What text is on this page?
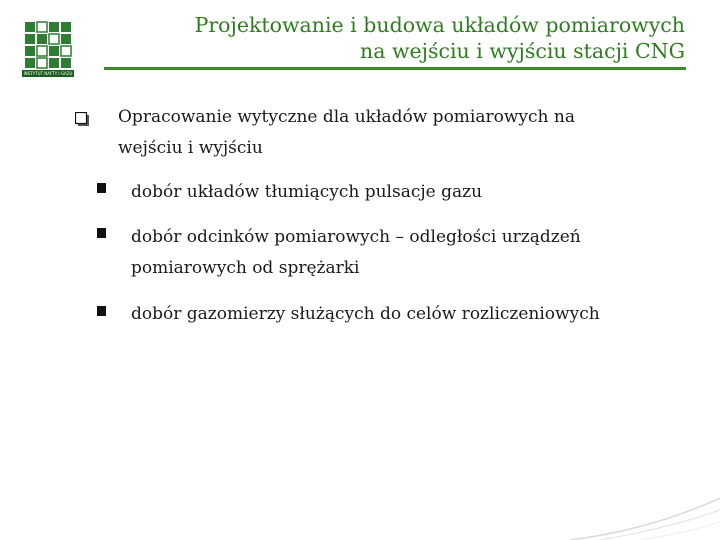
INSTYTUT NAFTY I GAZU
Projektowanie i budowa układów pomiarowych
na wejściu i wyjściu stacji CNG
Opracowanie wytyczne dla układów pomiarowych na
wejściu i wyjściu
dobór układów tłumiących pulsacje gazu
dobór odcinków pomiarowych – odległości urządzeń
pomiarowych od sprężarki
dobór gazomierzy służących do celów rozliczeniowych
